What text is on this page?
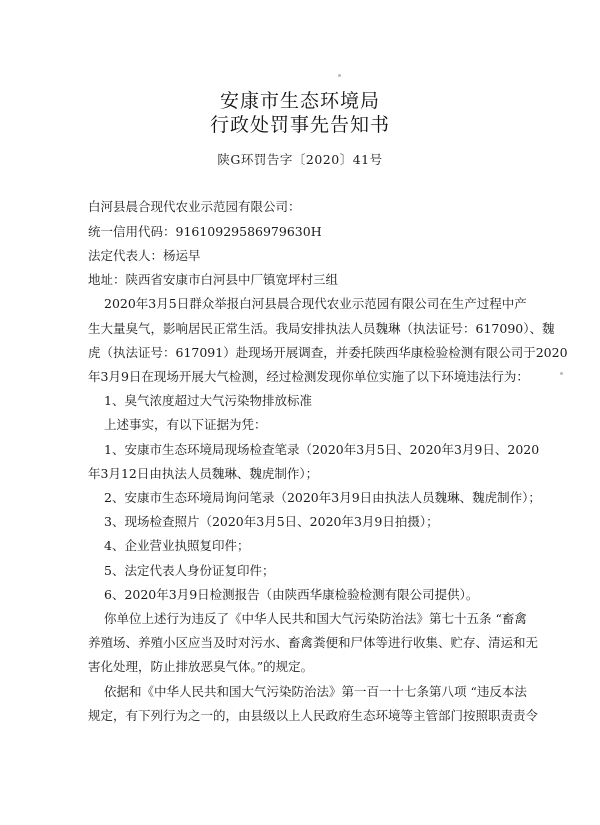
安康市生态环境局
行政处罚事先告知书
陕G环罚告字〔2020〕41号
白河县晨合现代农业示范园有限公司：
统一信用代码：91610929586979630H
法定代表人：杨运早
地址：陕西省安康市白河县中厂镇宽坪村三组
2020年3月5日群众举报白河县晨合现代农业示范园有限公司在生产过程中产
生大量臭气，影响居民正常生活。我局安排执法人员魏琳（执法证号：617090）、魏
虎（执法证号：617091）赴现场开展调查，并委托陕西华康检验检测有限公司于2020
年3月9日在现场开展大气检测，经过检测发现你单位实施了以下环境违法行为：
1、臭气浓度超过大气污染物排放标准
上述事实，有以下证据为凭：
1、安康市生态环境局现场检查笔录（2020年3月5日、2020年3月9日、2020
年3月12日由执法人员魏琳、魏虎制作）；
2、安康市生态环境局询问笔录（2020年3月9日由执法人员魏琳、魏虎制作）；
3、现场检查照片（2020年3月5日、2020年3月9日拍摄）；
4、企业营业执照复印件；
5、法定代表人身份证复印件；
6、2020年3月9日检测报告（由陕西华康检验检测有限公司提供）。
你单位上述行为违反了《中华人民共和国大气污染防治法》第七十五条 “畜禽
养殖场、养殖小区应当及时对污水、畜禽粪便和尸体等进行收集、贮存、清运和无
害化处理，防止排放恶臭气体。”的规定。
依据和《中华人民共和国大气污染防治法》第一百一十七条第八项 “违反本法
规定，有下列行为之一的，由县级以上人民政府生态环境等主管部门按照职责责令
